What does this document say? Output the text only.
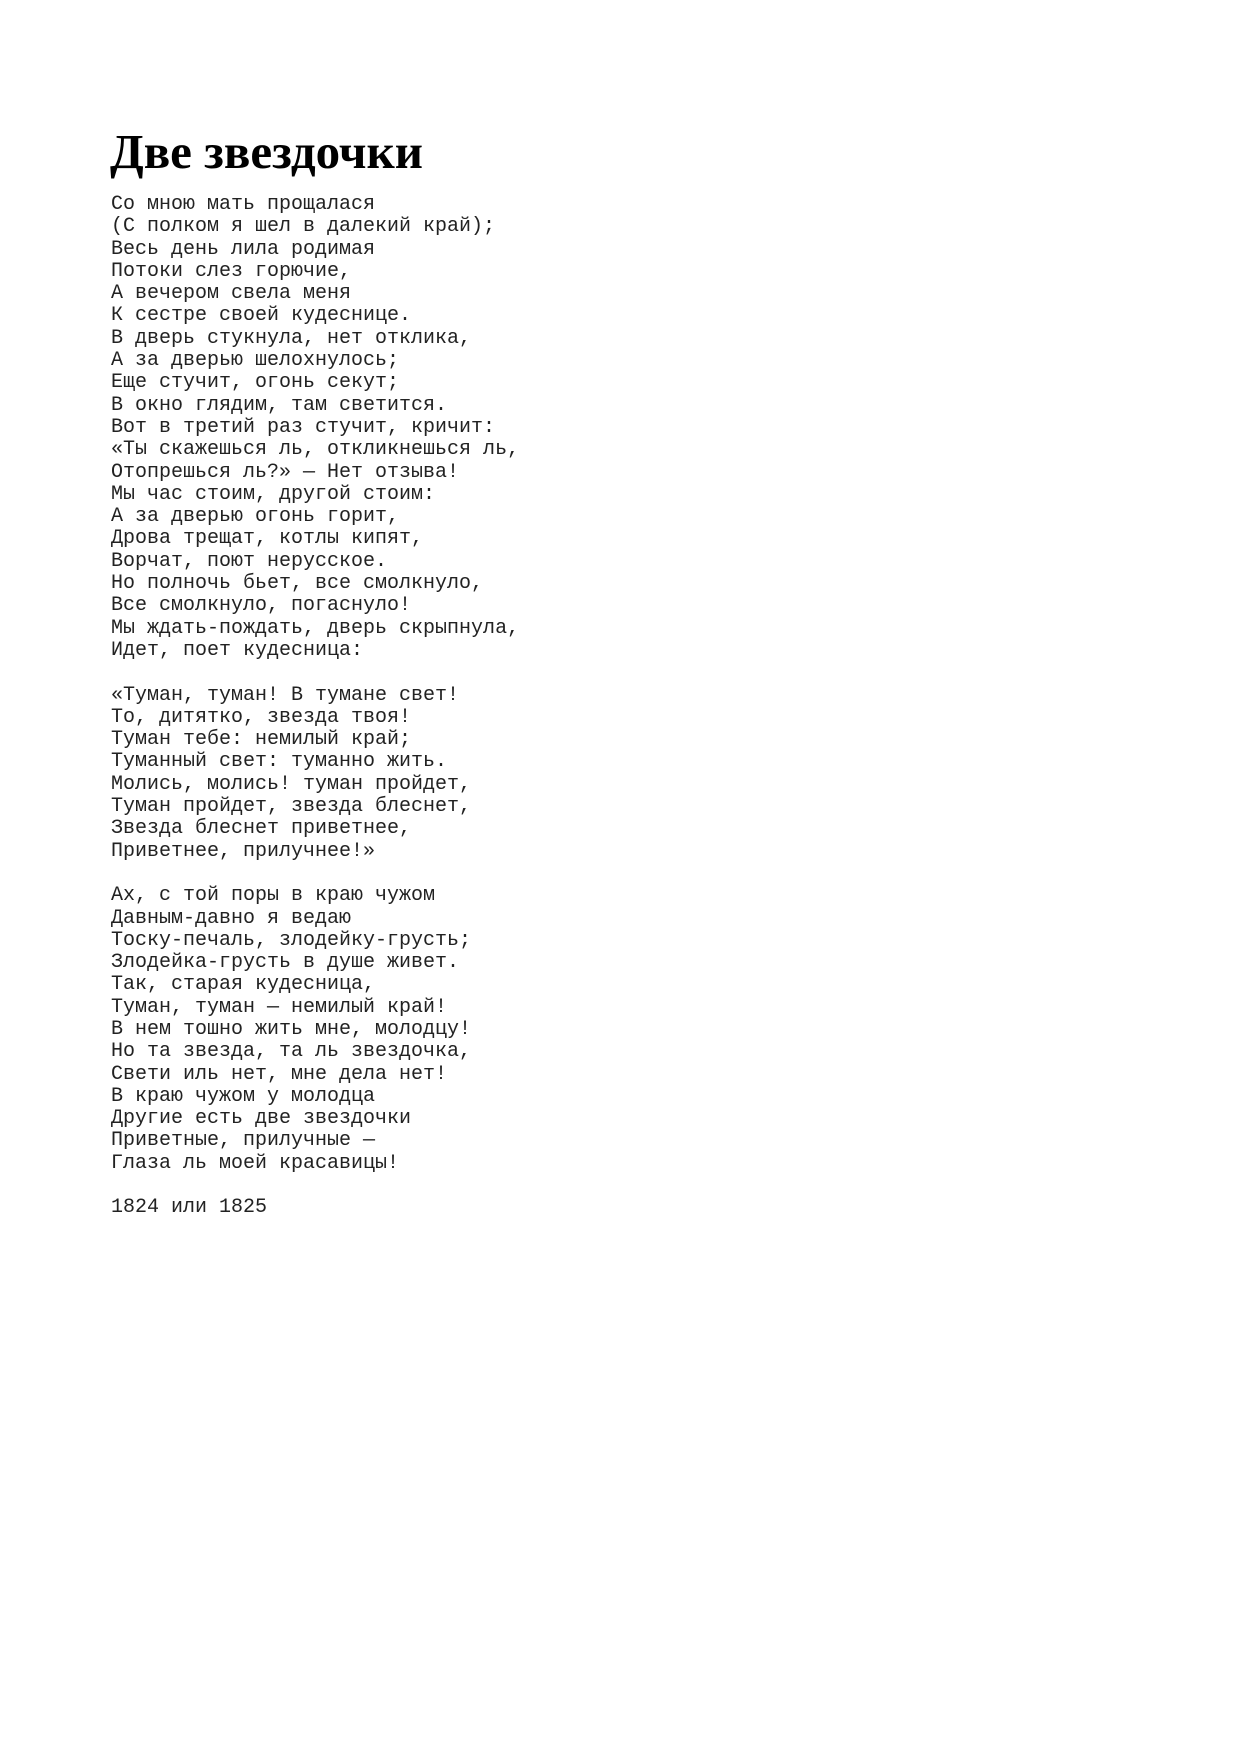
Две звездочки
Со мною мать прощалася
(С полком я шел в далекий край);
Весь день лила родимая
Потоки слез горючие,
А вечером свела меня
К сестре своей кудеснице.
В дверь стукнула, нет отклика,
А за дверью шелохнулось;
Еще стучит, огонь секут;
В окно глядим, там светится.
Вот в третий раз стучит, кричит:
«Ты скажешься ль, откликнешься ль,
Отопрешься ль?» — Нет отзыва!
Мы час стоим, другой стоим:
А за дверью огонь горит,
Дрова трещат, котлы кипят,
Ворчат, поют нерусское.
Но полночь бьет, все смолкнуло,
Все смолкнуло, погаснуло!
Мы ждать-пождать, дверь скрыпнула,
Идет, поет кудесница:
«Туман, туман! В тумане свет!
То, дитятко, звезда твоя!
Туман тебе: немилый край;
Туманный свет: туманно жить.
Молись, молись! туман пройдет,
Туман пройдет, звезда блеснет,
Звезда блеснет приветнее,
Приветнее, прилучнее!»
Ах, с той поры в краю чужом
Давным-давно я ведаю
Тоску-печаль, злодейку-грусть;
Злодейка-грусть в душе живет.
Так, старая кудесница,
Туман, туман — немилый край!
В нем тошно жить мне, молодцу!
Но та звезда, та ль звездочка,
Свети иль нет, мне дела нет!
В краю чужом у молодца
Другие есть две звездочки
Приветные, прилучные —
Глаза ль моей красавицы!
1824 или 1825
